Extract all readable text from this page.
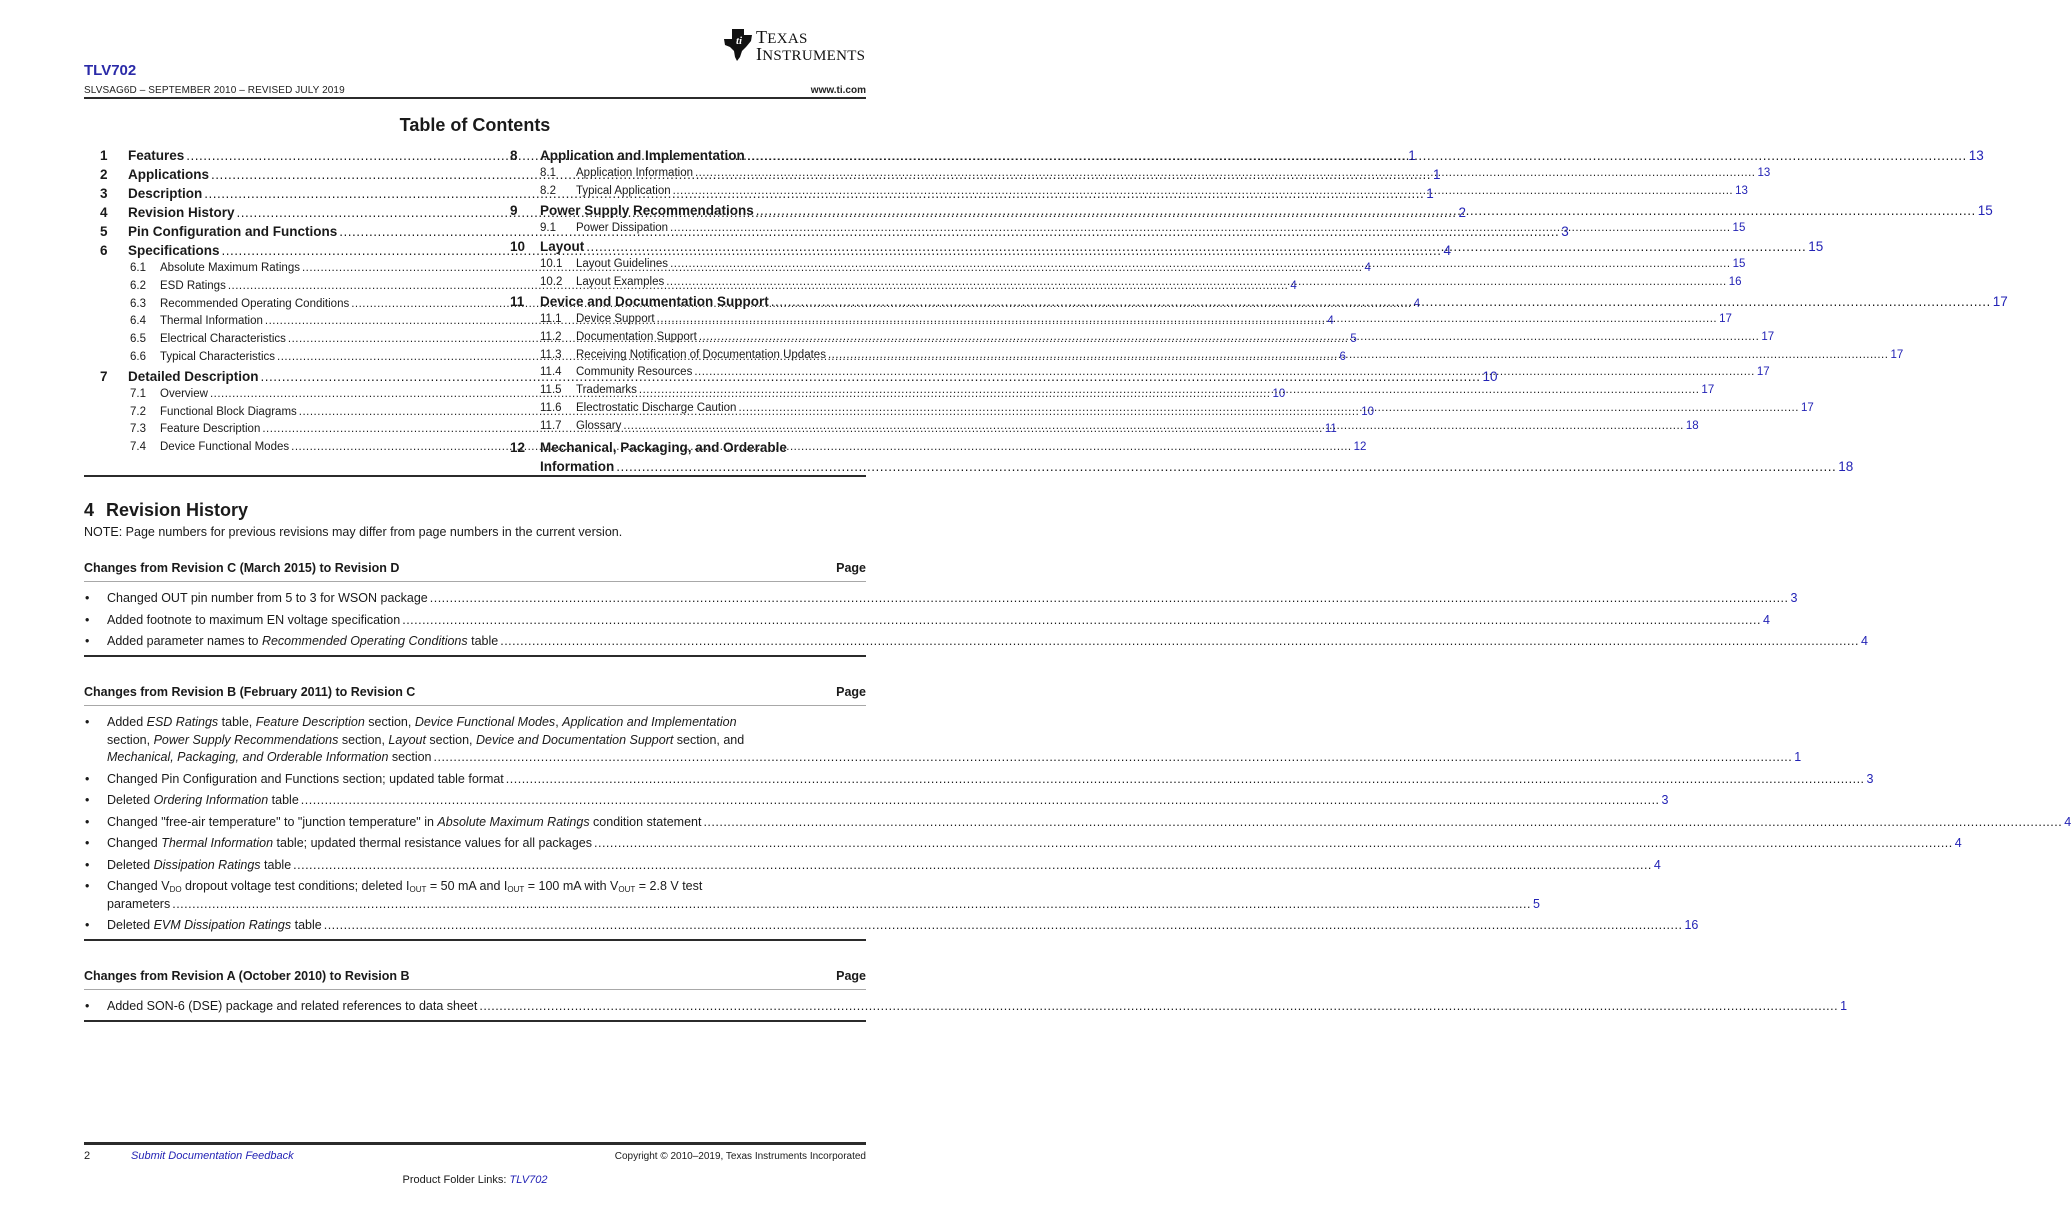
ti TEXAS
INSTRUMENTS
TLV702
SLVSAG6D – SEPTEMBER 2010 – REVISED JULY 2019	www.ti.com
Table of Contents
1	Features .....	1
2	Applications .....	1
3	Description .....	1
4	Revision History .....	2
5	Pin Configuration and Functions .....	3
6	Specifications .....	4
6.1	Absolute Maximum Ratings .....	4
6.2	ESD Ratings .....	4
6.3	Recommended Operating Conditions .....	4
6.4	Thermal Information .....	4
6.5	Electrical Characteristics .....	5
6.6	Typical Characteristics .....	6
7	Detailed Description .....	10
7.1	Overview .....	10
7.2	Functional Block Diagrams .....	10
7.3	Feature Description .....	11
7.4	Device Functional Modes .....	12
8	Application and Implementation .....	13
8.1	Application Information .....	13
8.2	Typical Application .....	13
9	Power Supply Recommendations .....	15
9.1	Power Dissipation .....	15
10	Layout .....	15
10.1	Layout Guidelines .....	15
10.2	Layout Examples .....	16
11	Device and Documentation Support .....	17
11.1	Device Support .....	17
11.2	Documentation Support .....	17
11.3	Receiving Notification of Documentation Updates .....	17
11.4	Community Resources .....	17
11.5	Trademarks .....	17
11.6	Electrostatic Discharge Caution .....	17
11.7	Glossary .....	18
12	Mechanical, Packaging, and Orderable
Information .....	18
4 Revision History
NOTE: Page numbers for previous revisions may differ from page numbers in the current version.
Changes from Revision C (March 2015) to Revision D	Page
• Changed OUT pin number from 5 to 3 for WSON package .....	3
• Added footnote to maximum EN voltage specification .....	4
• Added parameter names to Recommended Operating Conditions table .....	4
Changes from Revision B (February 2011) to Revision C	Page
• Added ESD Ratings table, Feature Description section, Device Functional Modes, Application and Implementation
section, Power Supply Recommendations section, Layout section, Device and Documentation Support section, and
Mechanical, Packaging, and Orderable Information section .....	1
• Changed Pin Configuration and Functions section; updated table format .....	3
• Deleted Ordering Information table .....	3
• Changed "free-air temperature" to "junction temperature" in Absolute Maximum Ratings condition statement .....	4
• Changed Thermal Information table; updated thermal resistance values for all packages .....	4
• Deleted Dissipation Ratings table .....	4
• Changed $V_{DO}$ dropout voltage test conditions; deleted $I_{OUT} = 50$ mA and $I_{OUT} = 100$ mA with $V_{OUT} = 2.8$ V test
parameters .....	5
• Deleted EVM Dissipation Ratings table .....	16
Changes from Revision A (October 2010) to Revision B	Page
• Added SON-6 (DSE) package and related references to data sheet .....	1
2	Submit Documentation Feedback	Copyright © 2010–2019, Texas Instruments Incorporated
Product Folder Links: TLV702
